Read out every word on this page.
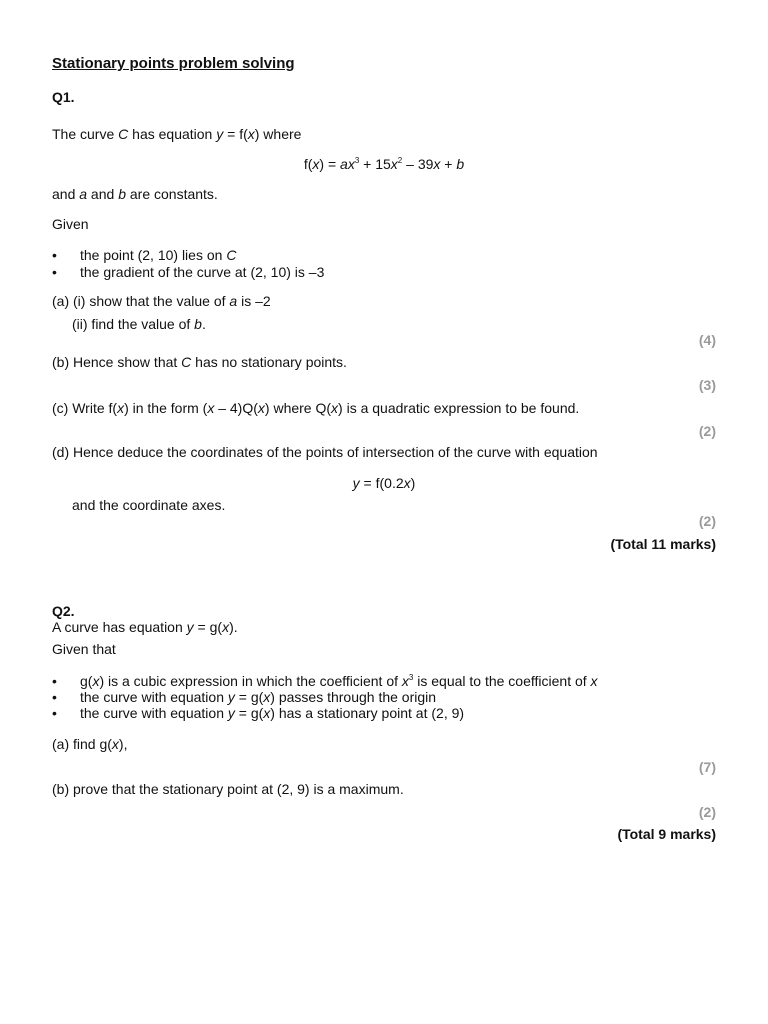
Stationary points problem solving
Q1.
The curve C has equation y = f(x) where
$f(x) = ax^3 + 15x^2 - 39x + b$
and a and b are constants.
Given
•	the point (2, 10) lies on C
•	the gradient of the curve at (2, 10) is –3
(a) (i) show that the value of a is –2
(ii) find the value of b.
(4)
(b) Hence show that C has no stationary points.
(3)
(c) Write f(x) in the form (x – 4)Q(x) where Q(x) is a quadratic expression to be found.
(2)
(d) Hence deduce the coordinates of the points of intersection of the curve with equation
y = f(0.2x)
and the coordinate axes.
(2)
(Total 11 marks)
Q2.
A curve has equation y = g(x).
Given that
•	g(x) is a cubic expression in which the coefficient of $x^3$ is equal to the coefficient of x
•	the curve with equation y = g(x) passes through the origin
•	the curve with equation y = g(x) has a stationary point at (2, 9)
(a) find g(x),
(7)
(b) prove that the stationary point at (2, 9) is a maximum.
(2)
(Total 9 marks)
